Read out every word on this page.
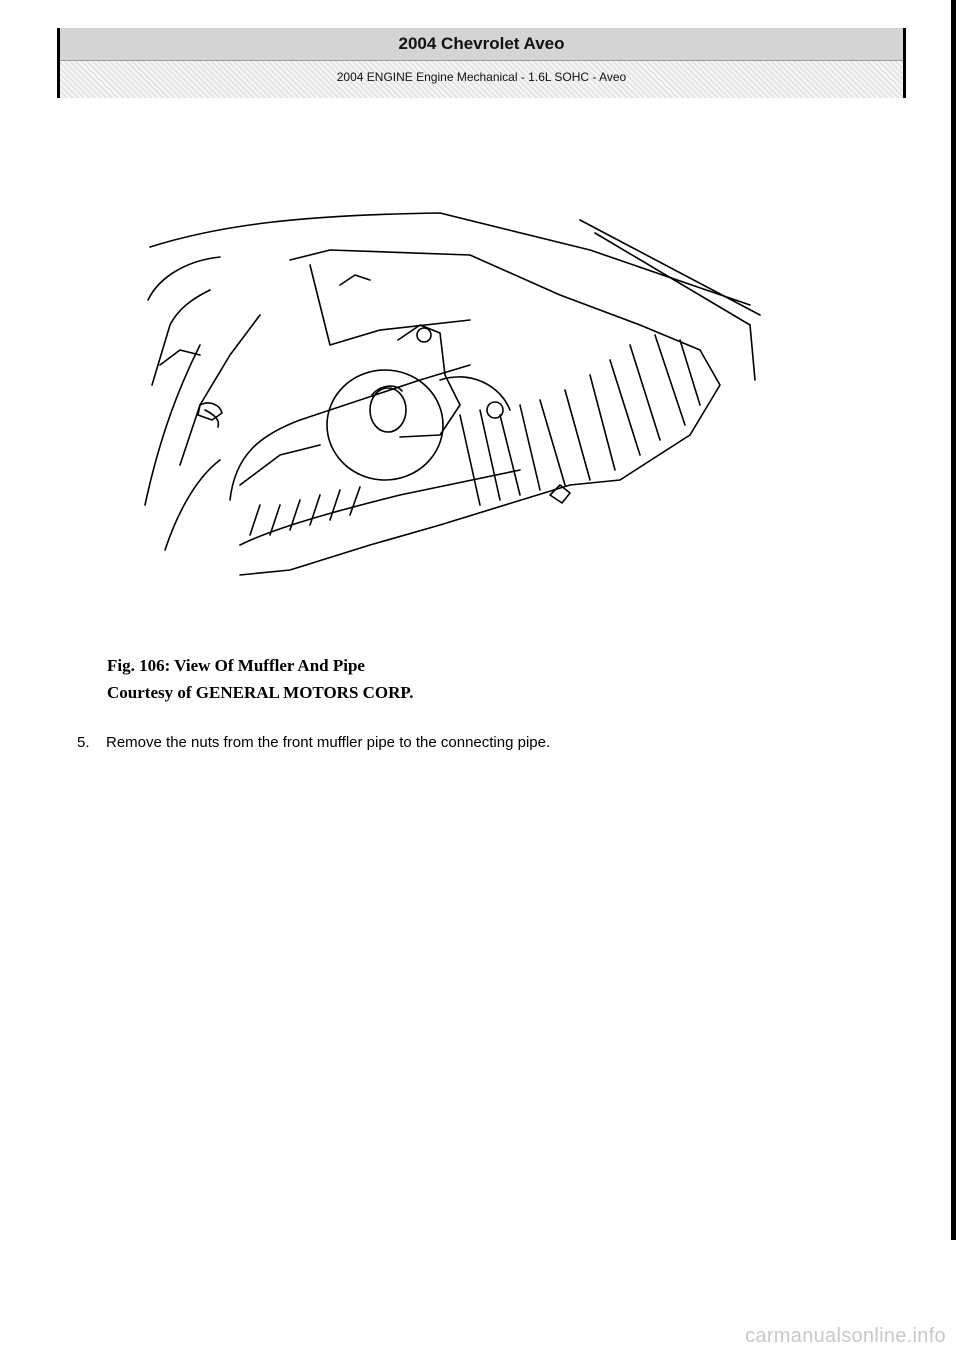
2004 Chevrolet Aveo
2004 ENGINE Engine Mechanical - 1.6L SOHC - Aveo
Fig. 106: View Of Muffler And Pipe
Courtesy of GENERAL MOTORS CORP.
5. Remove the nuts from the front muffler pipe to the connecting pipe.
carmanualsonline.info
